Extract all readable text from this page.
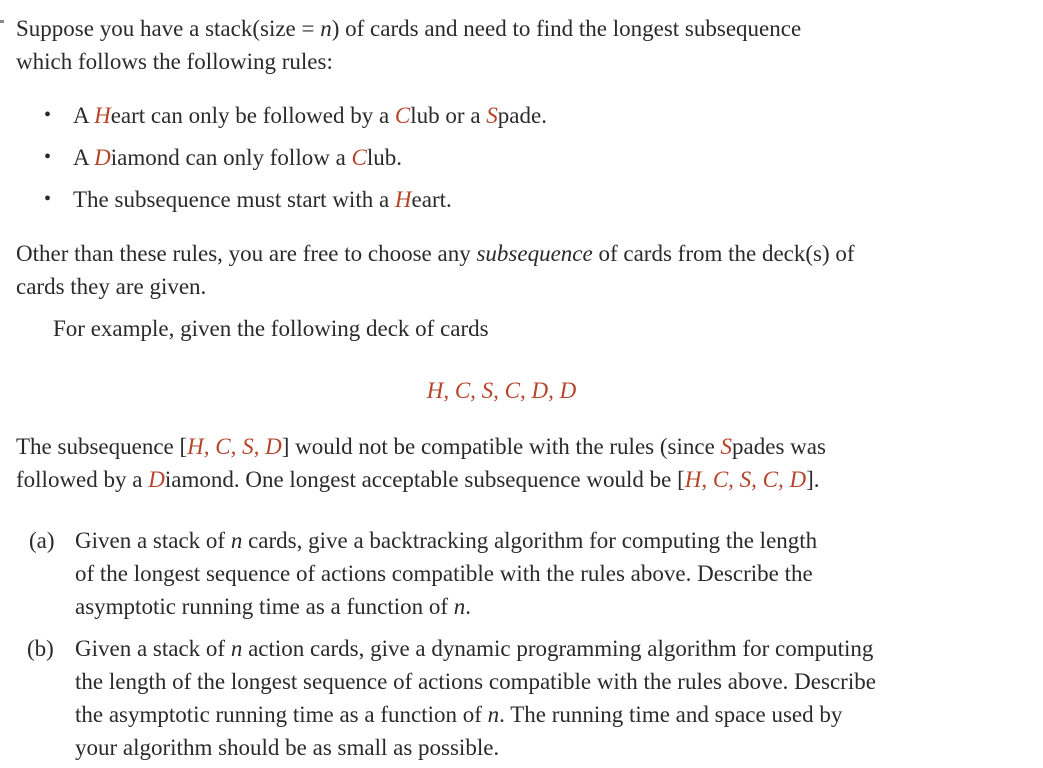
Suppose you have a stack(size = n) of cards and need to find the longest subsequence
which follows the following rules:
• A Heart can only be followed by a Club or a Spade.
• A Diamond can only follow a Club.
• The subsequence must start with a Heart.
Other than these rules, you are free to choose any subsequence of cards from the deck(s) of
cards they are given.
For example, given the following deck of cards
H, C, S, C, D, D
The subsequence [H, C, S, D] would not be compatible with the rules (since Spades was
followed by a Diamond. One longest acceptable subsequence would be [H, C, S, C, D].
(a) Given a stack of n cards, give a backtracking algorithm for computing the length
of the longest sequence of actions compatible with the rules above. Describe the
asymptotic running time as a function of n.
(b) Given a stack of n action cards, give a dynamic programming algorithm for computing
the length of the longest sequence of actions compatible with the rules above. Describe
the asymptotic running time as a function of n. The running time and space used by
your algorithm should be as small as possible.
